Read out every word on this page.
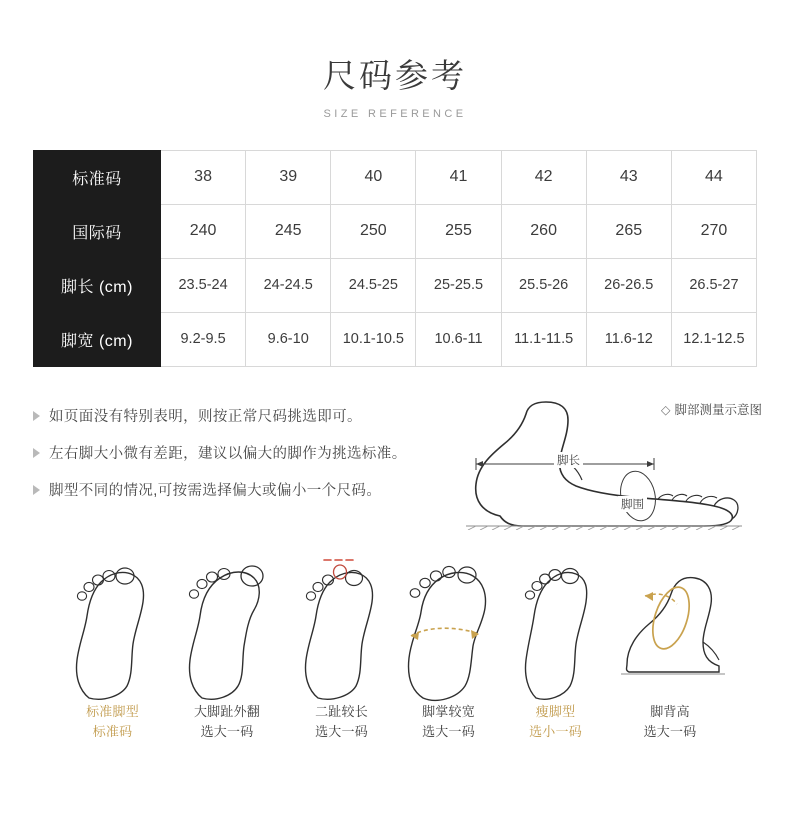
尺码参考
SIZE REFERENCE
标准码	38	39	40	41	42	43	44
国际码	240	245	250	255	260	265	270
脚长 (cm)	23.5-24	24-24.5	24.5-25	25-25.5	25.5-26	26-26.5	26.5-27
脚宽 (cm)	9.2-9.5	9.6-10	10.1-10.5	10.6-11	11.1-11.5	11.6-12	12.1-12.5
如页面没有特别表明，则按正常尺码挑选即可。
左右脚大小微有差距，建议以偏大的脚作为挑选标准。
脚型不同的情况,可按需选择偏大或偏小一个尺码。
◇ 脚部测量示意图
脚长
脚围
标准脚型
标准码
大脚趾外翻
选大一码
二趾较长
选大一码
脚掌较宽
选大一码
瘦脚型
选小一码
脚背高
选大一码
